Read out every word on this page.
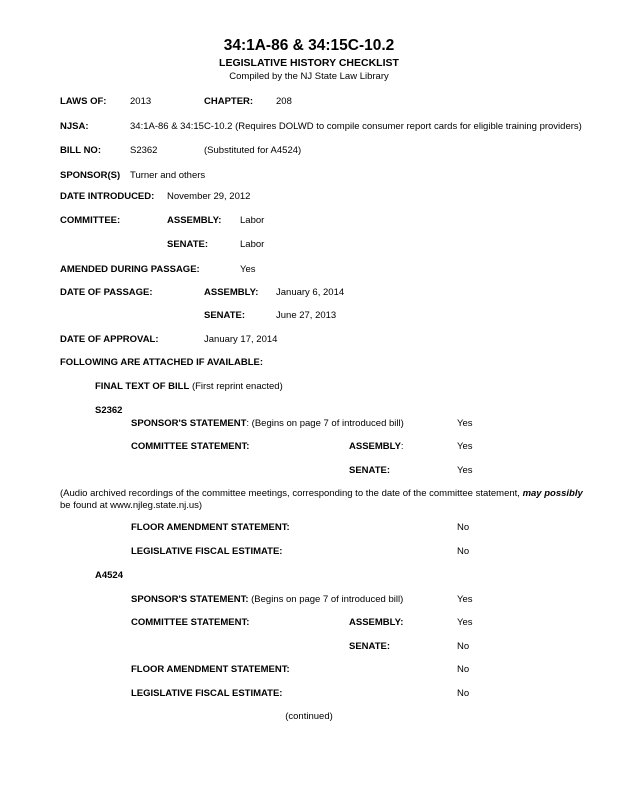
34:1A-86 & 34:15C-10.2
LEGISLATIVE HISTORY CHECKLIST
Compiled by the NJ State Law Library
LAWS OF: 2013	CHAPTER: 208
NJSA:	34:1A-86 & 34:15C-10.2 (Requires DOLWD to compile consumer report cards for eligible training providers)
BILL NO:	S2362	(Substituted for A4524)
SPONSOR(S) Turner and others
DATE INTRODUCED: November 29, 2012
COMMITTEE:	ASSEMBLY: Labor
SENATE:	Labor
AMENDED DURING PASSAGE:	Yes
DATE OF PASSAGE:	ASSEMBLY: January 6, 2014
SENATE:	June 27, 2013
DATE OF APPROVAL:	January 17, 2014
FOLLOWING ARE ATTACHED IF AVAILABLE:
FINAL TEXT OF BILL (First reprint enacted)
S2362
SPONSOR'S STATEMENT: (Begins on page 7 of introduced bill)	Yes
COMMITTEE STATEMENT:	ASSEMBLY:	Yes
SENATE:	Yes
(Audio archived recordings of the committee meetings, corresponding to the date of the committee statement, may possibly
be found at www.njleg.state.nj.us)
FLOOR AMENDMENT STATEMENT:	No
LEGISLATIVE FISCAL ESTIMATE:	No
A4524
SPONSOR'S STATEMENT: (Begins on page 7 of introduced bill)	Yes
COMMITTEE STATEMENT:	ASSEMBLY:	Yes
SENATE:	No
FLOOR AMENDMENT STATEMENT:	No
LEGISLATIVE FISCAL ESTIMATE:	No
(continued)
